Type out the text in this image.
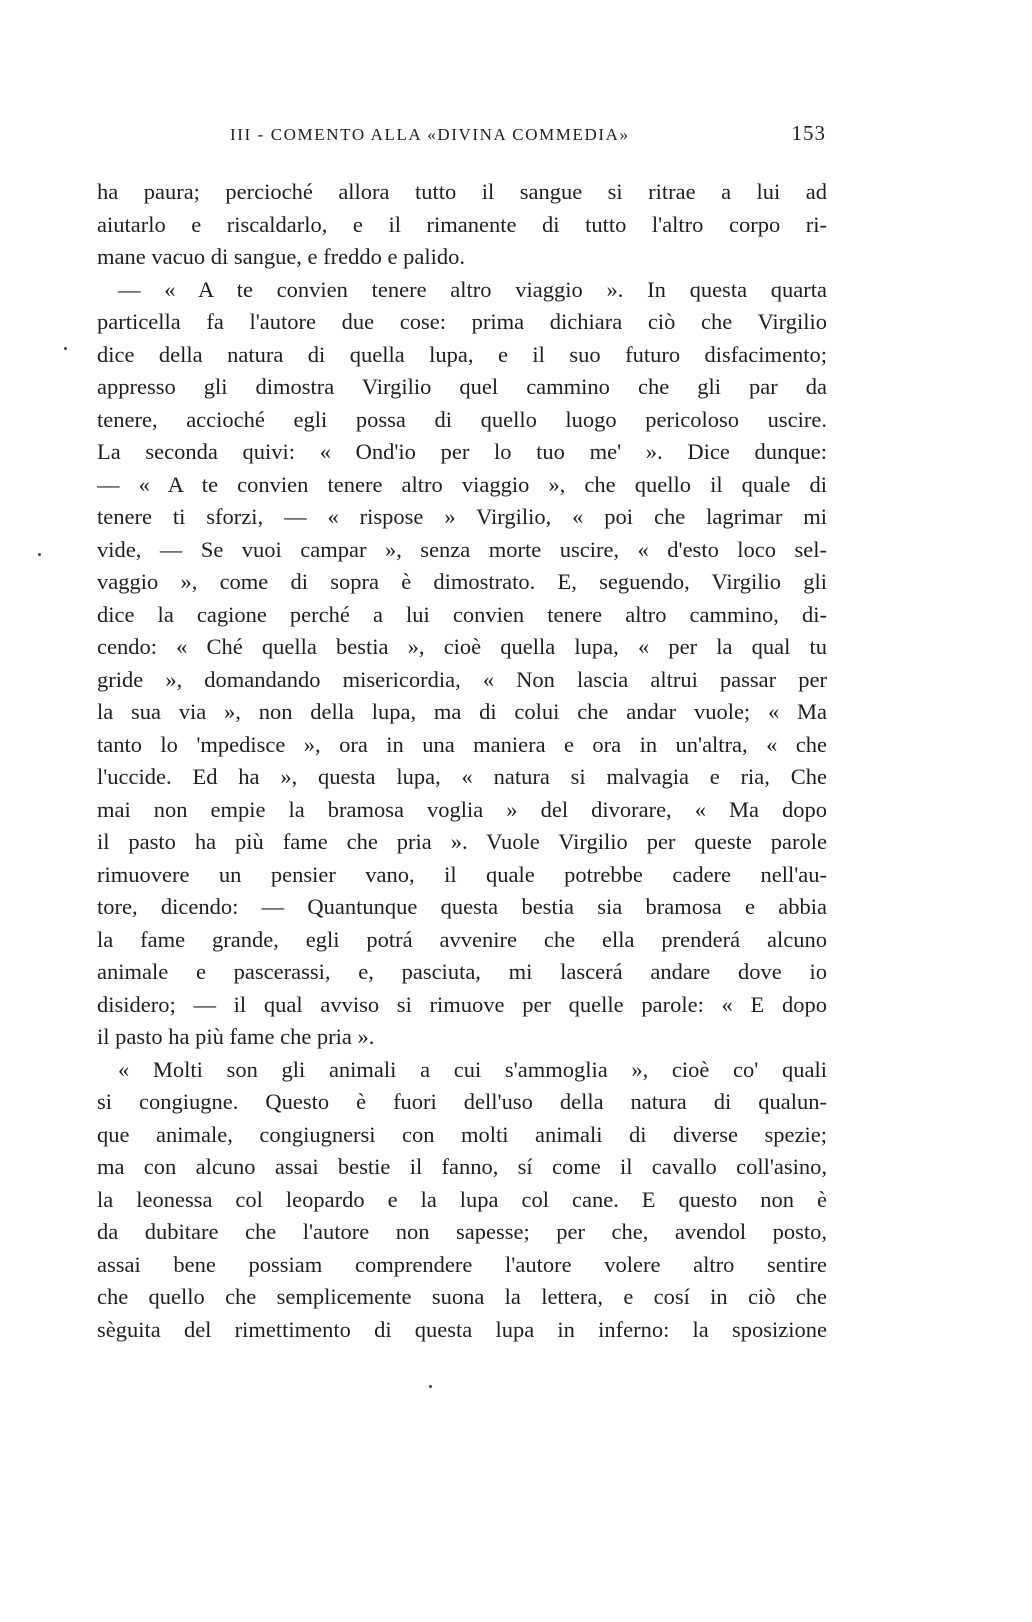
III - COMENTO ALLA «DIVINA COMMEDIA»	153
ha paura; percioché allora tutto il sangue si ritrae a lui ad
aiutarlo e riscaldarlo, e il rimanente di tutto l'altro corpo ri-
mane vacuo di sangue, e freddo e palido.
— « A te convien tenere altro viaggio ». In questa quarta
particella fa l'autore due cose: prima dichiara ciò che Virgilio
dice della natura di quella lupa, e il suo futuro disfacimento;
appresso gli dimostra Virgilio quel cammino che gli par da
tenere, accioché egli possa di quello luogo pericoloso uscire.
La seconda quivi: « Ond'io per lo tuo me' ». Dice dunque:
— « A te convien tenere altro viaggio », che quello il quale di
tenere ti sforzi, — « rispose » Virgilio, « poi che lagrimar mi
vide, — Se vuoi campar », senza morte uscire, « d'esto loco sel-
vaggio », come di sopra è dimostrato. E, seguendo, Virgilio gli
dice la cagione perché a lui convien tenere altro cammino, di-
cendo: « Ché quella bestia », cioè quella lupa, « per la qual tu
gride », domandando misericordia, « Non lascia altrui passar per
la sua via », non della lupa, ma di colui che andar vuole; « Ma
tanto lo 'mpedisce », ora in una maniera e ora in un'altra, « che
l'uccide. Ed ha », questa lupa, « natura si malvagia e ria, Che
mai non empie la bramosa voglia » del divorare, « Ma dopo
il pasto ha più fame che pria ». Vuole Virgilio per queste parole
rimuovere un pensier vano, il quale potrebbe cadere nell'au-
tore, dicendo: — Quantunque questa bestia sia bramosa e abbia
la fame grande, egli potrá avvenire che ella prenderá alcuno
animale e pascerassi, e, pasciuta, mi lascerá andare dove io
disidero; — il qual avviso si rimuove per quelle parole: « E dopo
il pasto ha più fame che pria ».
« Molti son gli animali a cui s'ammoglia », cioè co' quali
si congiugne. Questo è fuori dell'uso della natura di qualun-
que animale, congiugnersi con molti animali di diverse spezie;
ma con alcuno assai bestie il fanno, sí come il cavallo coll'asino,
la leonessa col leopardo e la lupa col cane. E questo non è
da dubitare che l'autore non sapesse; per che, avendol posto,
assai bene possiam comprendere l'autore volere altro sentire
che quello che semplicemente suona la lettera, e cosí in ciò che
sèguita del rimettimento di questa lupa in inferno: la sposizione
